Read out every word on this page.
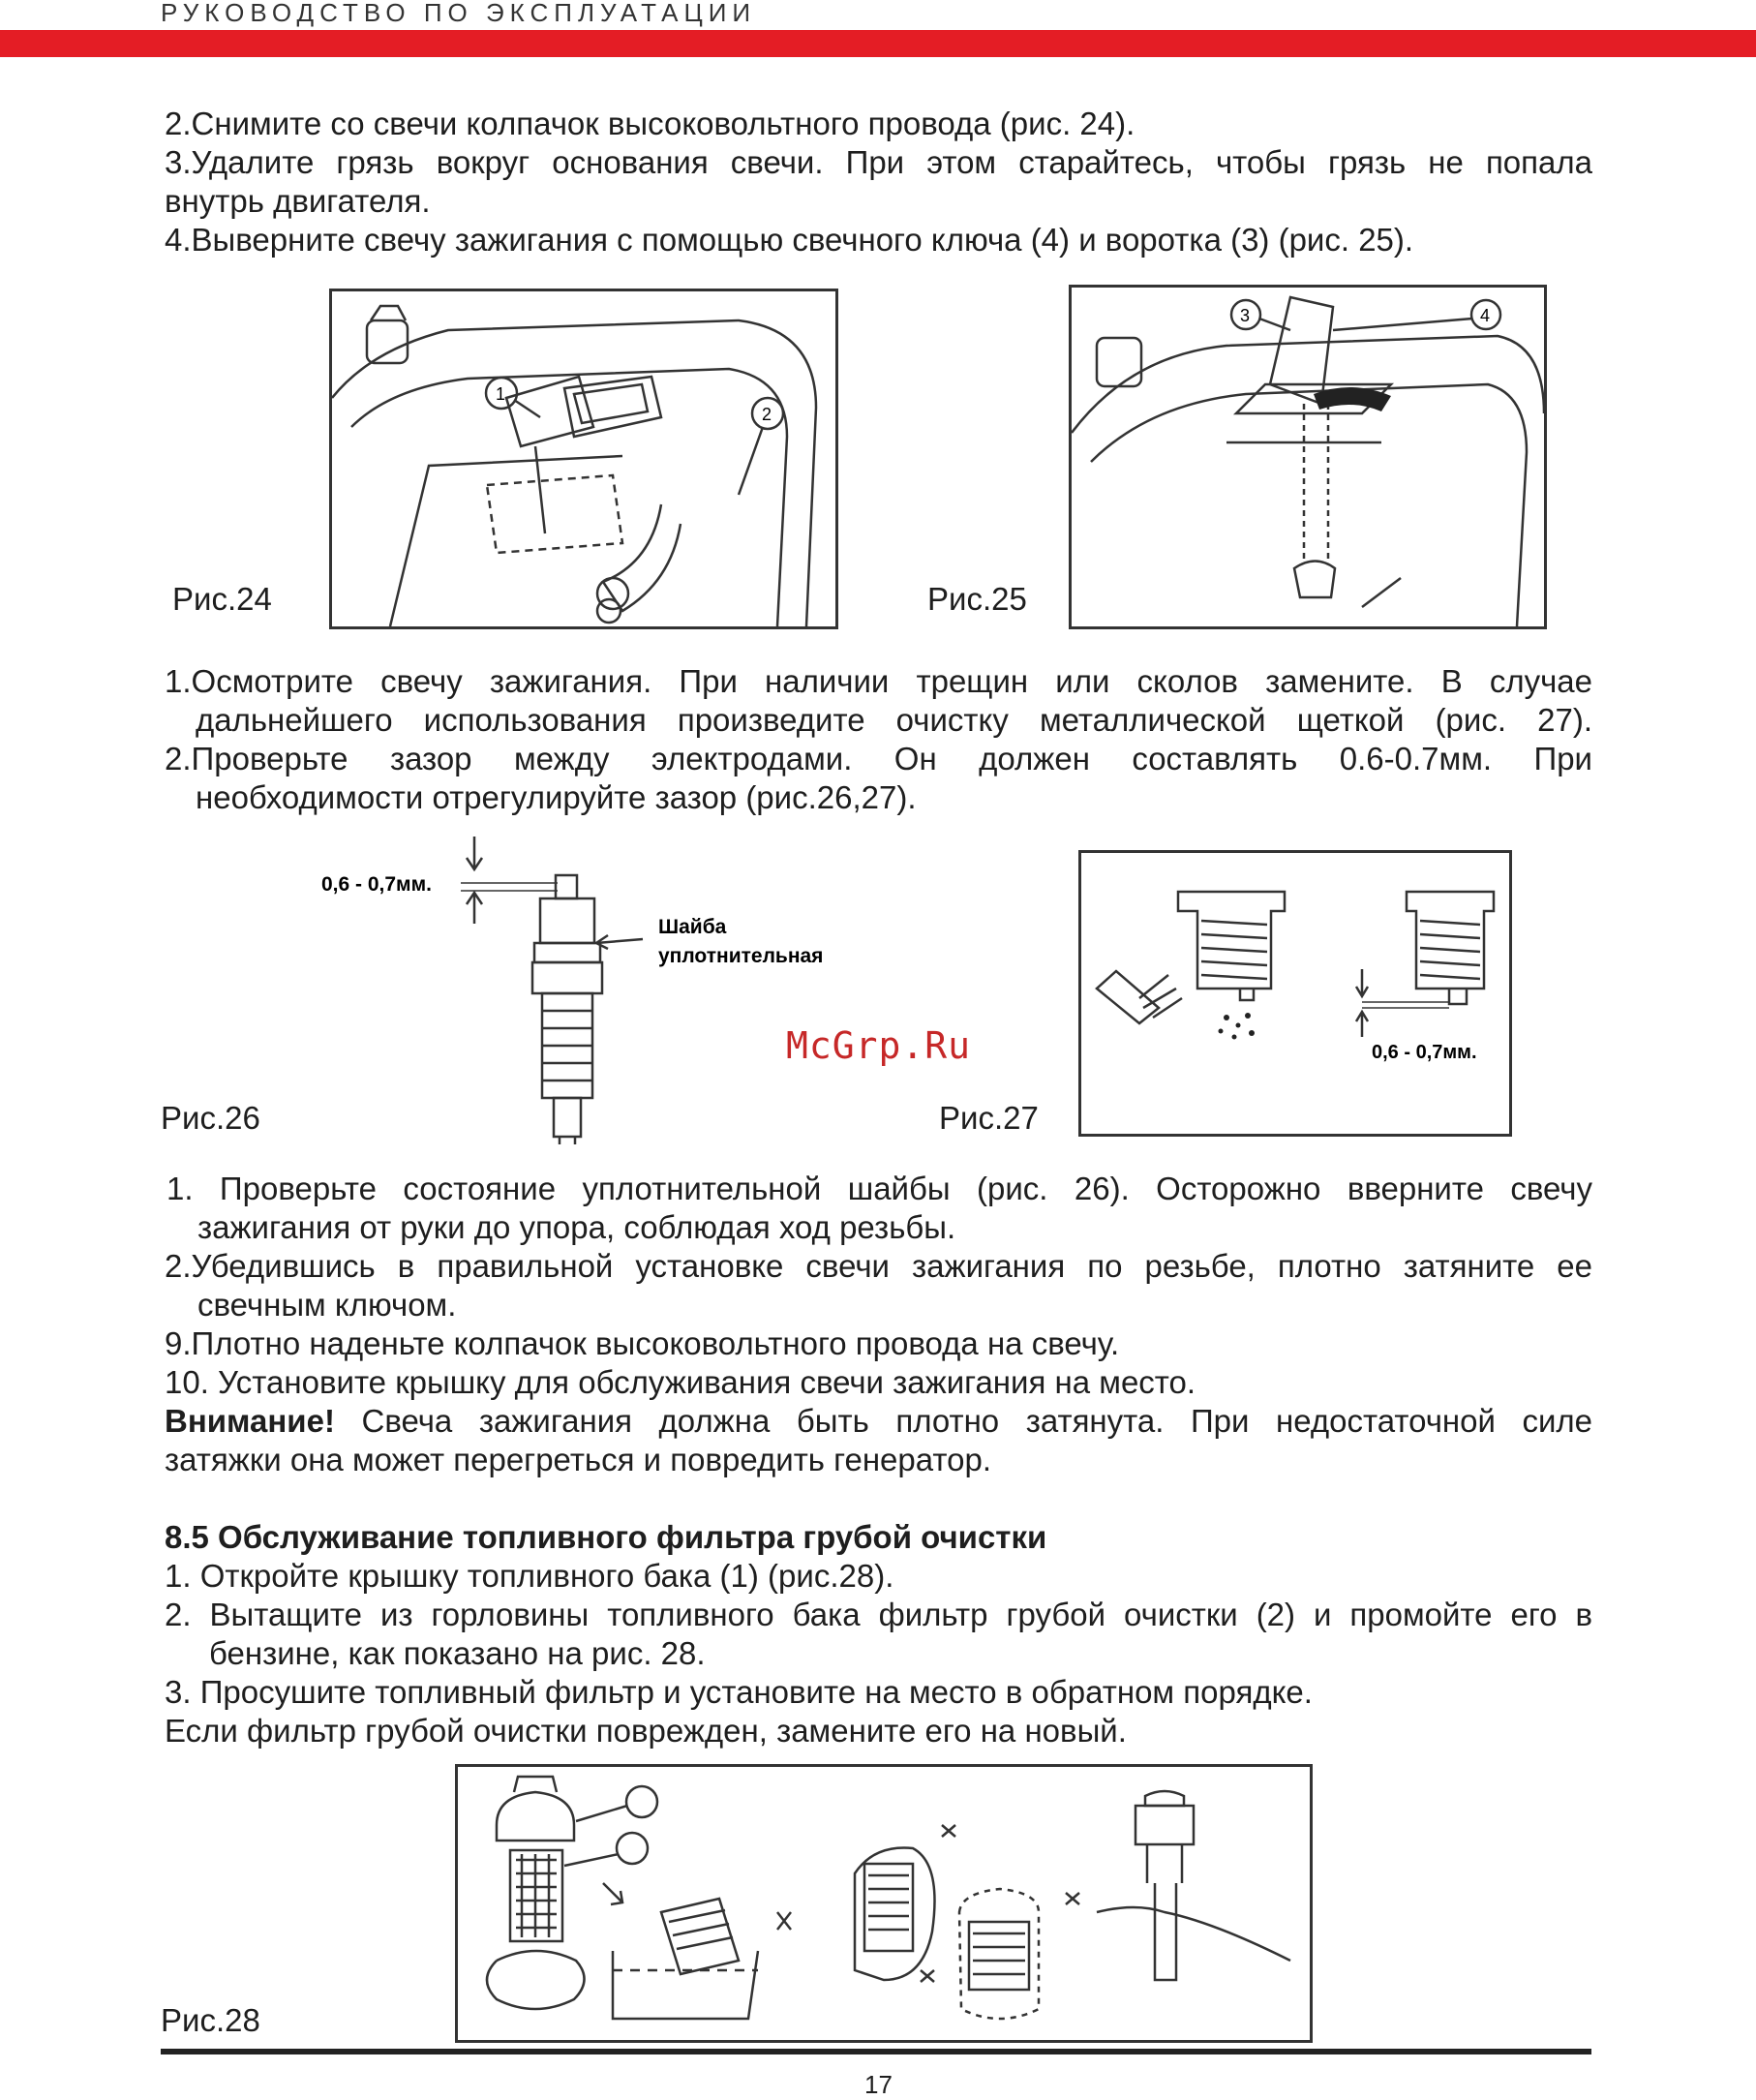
РУКОВОДСТВО ПО ЭКСПЛУАТАЦИИ
2.Снимите со свечи колпачок высоковольтного провода (рис. 24).
3.Удалите грязь вокруг основания свечи. При этом старайтесь, чтобы грязь не попала
внутрь двигателя.
4.Выверните свечу зажигания с помощью свечного ключа (4) и воротка (3) (рис. 25).
Рис.24
1
2
Рис.25
3	4
1.Осмотрите свечу зажигания. При наличии трещин или сколов замените. В случае
дальнейшего использования произведите очистку металлической щеткой (рис. 27).
2.Проверьте зазор между электродами. Он должен составлять 0.6-0.7мм. При
необходимости отрегулируйте зазор (рис.26,27).
Рис.26
0,6 - 0,7мм.
Шайба
уплотнительная
McGrp.Ru
Рис.27
0,6 - 0,7мм.
1. Проверьте состояние уплотнительной шайбы (рис. 26). Осторожно вверните свечу
зажигания от руки до упора, соблюдая ход резьбы.
2.Убедившись в правильной установке свечи зажигания по резьбе, плотно затяните ее
свечным ключом.
9.Плотно наденьте колпачок высоковольтного провода на свечу.
10. Установите крышку для обслуживания свечи зажигания на место.
Внимание! Свеча зажигания должна быть плотно затянута. При недостаточной силе
затяжки она может перегреться и повредить генератор.
8.5 Обслуживание топливного фильтра грубой очистки
1. Откройте крышку топливного бака (1) (рис.28).
2. Вытащите из горловины топливного бака фильтр грубой очистки (2) и промойте его в
бензине, как показано на рис. 28.
3. Просушите топливный фильтр и установите на место в обратном порядке.
Если фильтр грубой очистки поврежден, замените его на новый.
Рис.28
17
